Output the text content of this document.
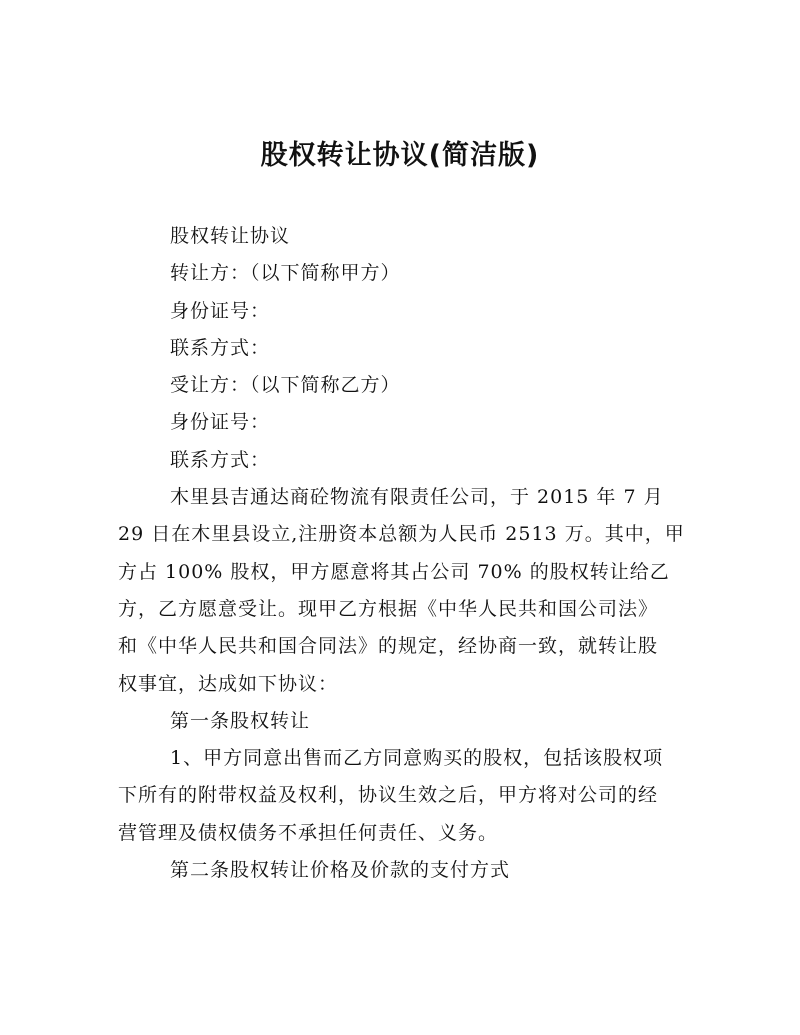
股权转让协议(简洁版)
股权转让协议
转让方：（以下简称甲方）
身份证号：
联系方式：
受让方：（以下简称乙方）
身份证号：
联系方式：
木里县吉通达商砼物流有限责任公司，于 2015 年 7 月
29 日在木里县设立,注册资本总额为人民币 2513 万。其中，甲
方占 100% 股权，甲方愿意将其占公司 70% 的股权转让给乙
方，乙方愿意受让。现甲乙方根据《中华人民共和国公司法》
和《中华人民共和国合同法》的规定，经协商一致，就转让股
权事宜，达成如下协议：
第一条股权转让
1、甲方同意出售而乙方同意购买的股权，包括该股权项
下所有的附带权益及权利，协议生效之后，甲方将对公司的经
营管理及债权债务不承担任何责任、义务。
第二条股权转让价格及价款的支付方式
